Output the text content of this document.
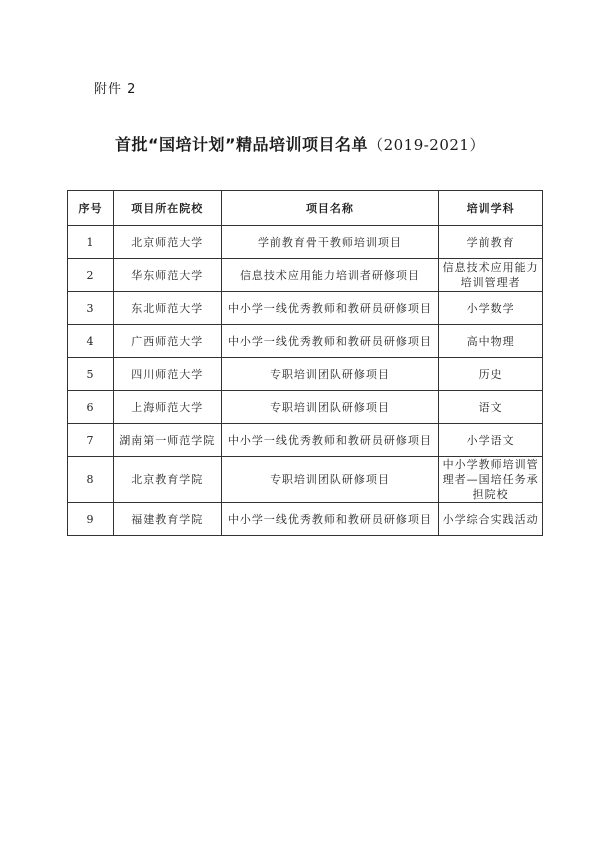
附件 2
首批“国培计划”精品培训项目名单（2019-2021）
序号	项目所在院校	项目名称	培训学科
1	北京师范大学	学前教育骨干教师培训项目	学前教育
2	华东师范大学	信息技术应用能力培训者研修项目	信息技术应用能力培训管理者
3	东北师范大学	中小学一线优秀教师和教研员研修项目	小学数学
4	广西师范大学	中小学一线优秀教师和教研员研修项目	高中物理
5	四川师范大学	专职培训团队研修项目	历史
6	上海师范大学	专职培训团队研修项目	语文
7	湖南第一师范学院	中小学一线优秀教师和教研员研修项目	小学语文
8	北京教育学院	专职培训团队研修项目	中小学教师培训管理者—国培任务承担院校
9	福建教育学院	中小学一线优秀教师和教研员研修项目	小学综合实践活动
